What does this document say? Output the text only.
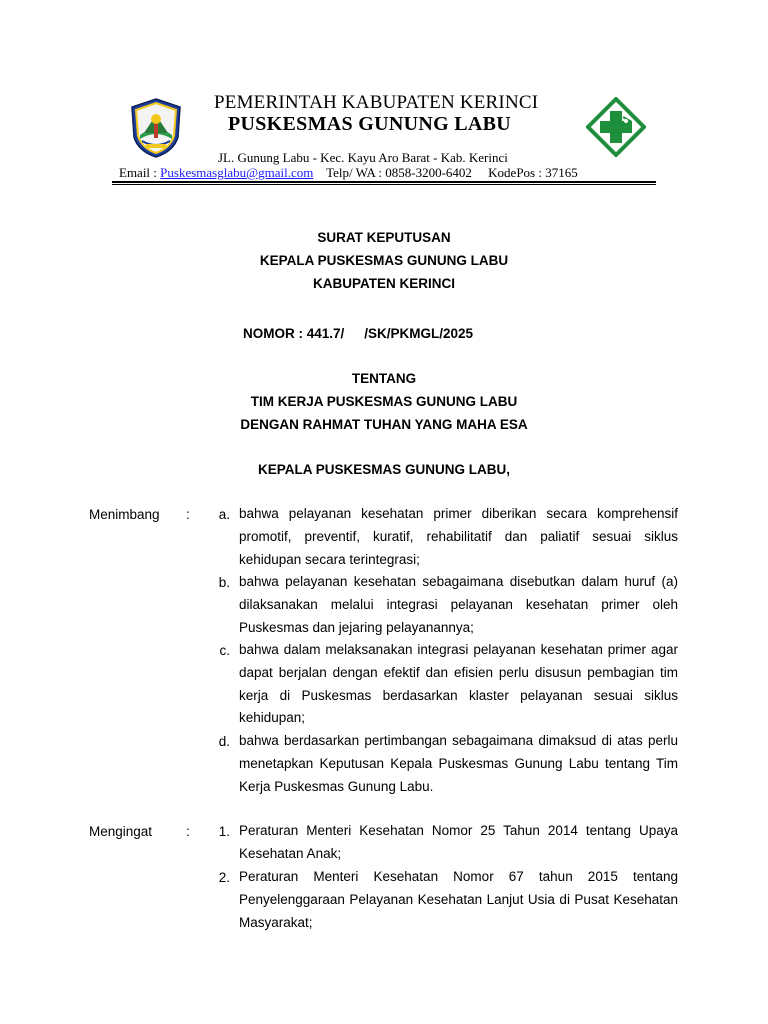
PEMERINTAH KABUPATEN KERINCI
PUSKESMAS GUNUNG LABU
JL. Gunung Labu - Kec. Kayu Aro Barat - Kab. Kerinci
Email : Puskesmasglabu@gmail.com Telp/ WA : 0858-3200-6402 KodePos : 37165
SURAT KEPUTUSAN
KEPALA PUSKESMAS GUNUNG LABU
KABUPATEN KERINCI
NOMOR : 441.7/ /SK/PKMGL/2025
TENTANG
TIM KERJA PUSKESMAS GUNUNG LABU
DENGAN RAHMAT TUHAN YANG MAHA ESA
KEPALA PUSKESMAS GUNUNG LABU,
Menimbang :	a. bahwa pelayanan kesehatan primer diberikan secara komprehensif promotif, preventif, kuratif, rehabilitatif dan paliatif sesuai siklus kehidupan secara terintegrasi;
b. bahwa pelayanan kesehatan sebagaimana disebutkan dalam huruf (a) dilaksanakan melalui integrasi pelayanan kesehatan primer oleh Puskesmas dan jejaring pelayanannya;
c. bahwa dalam melaksanakan integrasi pelayanan kesehatan primer agar dapat berjalan dengan efektif dan efisien perlu disusun pembagian tim kerja di Puskesmas berdasarkan klaster pelayanan sesuai siklus kehidupan;
d. bahwa berdasarkan pertimbangan sebagaimana dimaksud di atas perlu menetapkan Keputusan Kepala Puskesmas Gunung Labu tentang Tim Kerja Puskesmas Gunung Labu.
Mengingat	:	1. Peraturan Menteri Kesehatan Nomor 25 Tahun 2014 tentang Upaya Kesehatan Anak;
2. Peraturan Menteri Kesehatan Nomor 67 tahun 2015 tentang Penyelenggaraan Pelayanan Kesehatan Lanjut Usia di Pusat Kesehatan Masyarakat;
